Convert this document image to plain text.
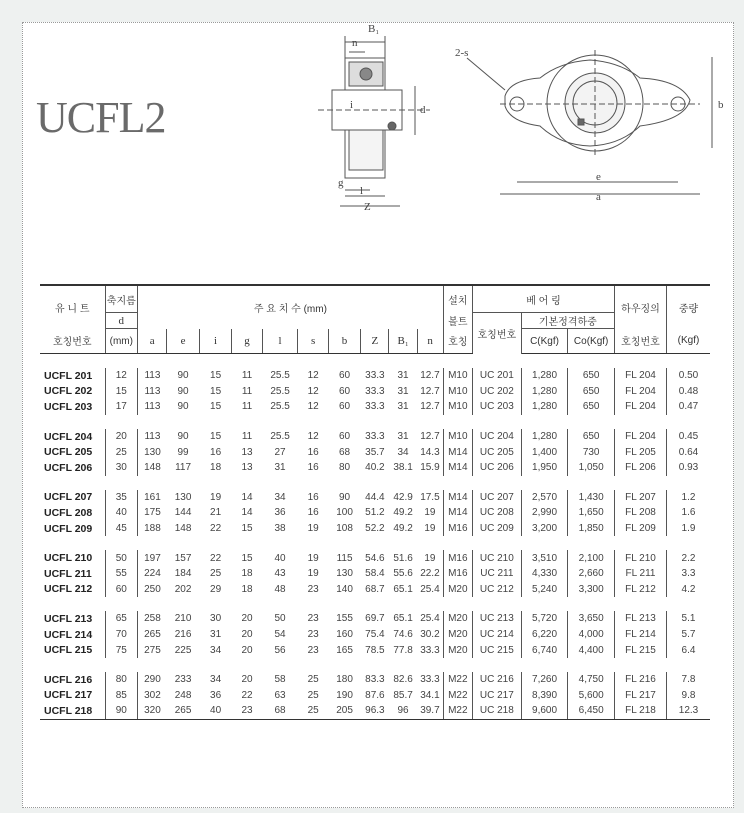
UCFL2
B₁
n
d
i
g
l
Z
2-s
e
a
b
유 니 트	축지름	주 요 치 수 (mm)										설치	베 어 링			하우징의	중량
	d											볼트	호칭번호	기본정격하중			
호칭번호	(mm)	a	e	i	g	l	s	b	Z	B₁	n	호칭		C(Kgf)	Co(Kgf)	호칭번호	(Kgf)

UCFL 201	12	113	90	15	11	25.5	12	60	33.3	31	12.7	M10	UC 201	1,280	650	FL 204	0.50
UCFL 202	15	113	90	15	11	25.5	12	60	33.3	31	12.7	M10	UC 202	1,280	650	FL 204	0.48
UCFL 203	17	113	90	15	11	25.5	12	60	33.3	31	12.7	M10	UC 203	1,280	650	FL 204	0.47

UCFL 204	20	113	90	15	11	25.5	12	60	33.3	31	12.7	M10	UC 204	1,280	650	FL 204	0.45
UCFL 205	25	130	99	16	13	27	16	68	35.7	34	14.3	M14	UC 205	1,400	730	FL 205	0.64
UCFL 206	30	148	117	18	13	31	16	80	40.2	38.1	15.9	M14	UC 206	1,950	1,050	FL 206	0.93

UCFL 207	35	161	130	19	14	34	16	90	44.4	42.9	17.5	M14	UC 207	2,570	1,430	FL 207	1.2
UCFL 208	40	175	144	21	14	36	16	100	51.2	49.2	19	M14	UC 208	2,990	1,650	FL 208	1.6
UCFL 209	45	188	148	22	15	38	19	108	52.2	49.2	19	M16	UC 209	3,200	1,850	FL 209	1.9

UCFL 210	50	197	157	22	15	40	19	115	54.6	51.6	19	M16	UC 210	3,510	2,100	FL 210	2.2
UCFL 211	55	224	184	25	18	43	19	130	58.4	55.6	22.2	M16	UC 211	4,330	2,660	FL 211	3.3
UCFL 212	60	250	202	29	18	48	23	140	68.7	65.1	25.4	M20	UC 212	5,240	3,300	FL 212	4.2

UCFL 213	65	258	210	30	20	50	23	155	69.7	65.1	25.4	M20	UC 213	5,720	3,650	FL 213	5.1
UCFL 214	70	265	216	31	20	54	23	160	75.4	74.6	30.2	M20	UC 214	6,220	4,000	FL 214	5.7
UCFL 215	75	275	225	34	20	56	23	165	78.5	77.8	33.3	M20	UC 215	6,740	4,400	FL 215	6.4

UCFL 216	80	290	233	34	20	58	25	180	83.3	82.6	33.3	M22	UC 216	7,260	4,750	FL 216	7.8
UCFL 217	85	302	248	36	22	63	25	190	87.6	85.7	34.1	M22	UC 217	8,390	5,600	FL 217	9.8
UCFL 218	90	320	265	40	23	68	25	205	96.3	96	39.7	M22	UC 218	9,600	6,450	FL 218	12.3
